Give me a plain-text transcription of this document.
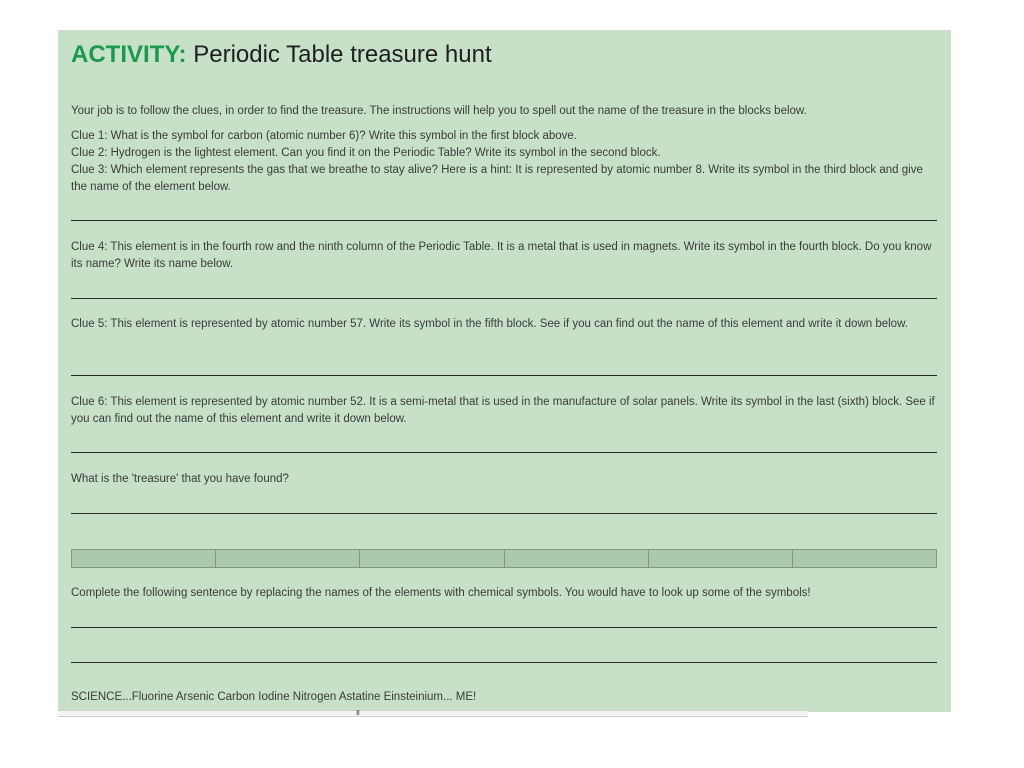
ACTIVITY: Periodic Table treasure hunt

Your job is to follow the clues, in order to find the treasure. The instructions will help you to spell out the name of the treasure in the blocks below.

Clue 1: What is the symbol for carbon (atomic number 6)? Write this symbol in the first block above.

Clue 2: Hydrogen is the lightest element. Can you find it on the Periodic Table? Write its symbol in the second block.

Clue 3: Which element represents the gas that we breathe to stay alive? Here is a hint: It is represented by atomic number 8. Write its symbol in the third block and give the name of the element below.

Clue 4: This element is in the fourth row and the ninth column of the Periodic Table. It is a metal that is used in magnets. Write its symbol in the fourth block. Do you know its name? Write its name below.

Clue 5: This element is represented by atomic number 57. Write its symbol in the fifth block. See if you can find out the name of this element and write it down below.

Clue 6: This element is represented by atomic number 52. It is a semi-metal that is used in the manufacture of solar panels. Write its symbol in the last (sixth) block. See if you can find out the name of this element and write it down below.

What is the 'treasure' that you have found?

Complete the following sentence by replacing the names of the elements with chemical symbols. You would have to look up some of the symbols!

SCIENCE...Fluorine Arsenic Carbon Iodine Nitrogen Astatine Einsteinium... ME!

III
